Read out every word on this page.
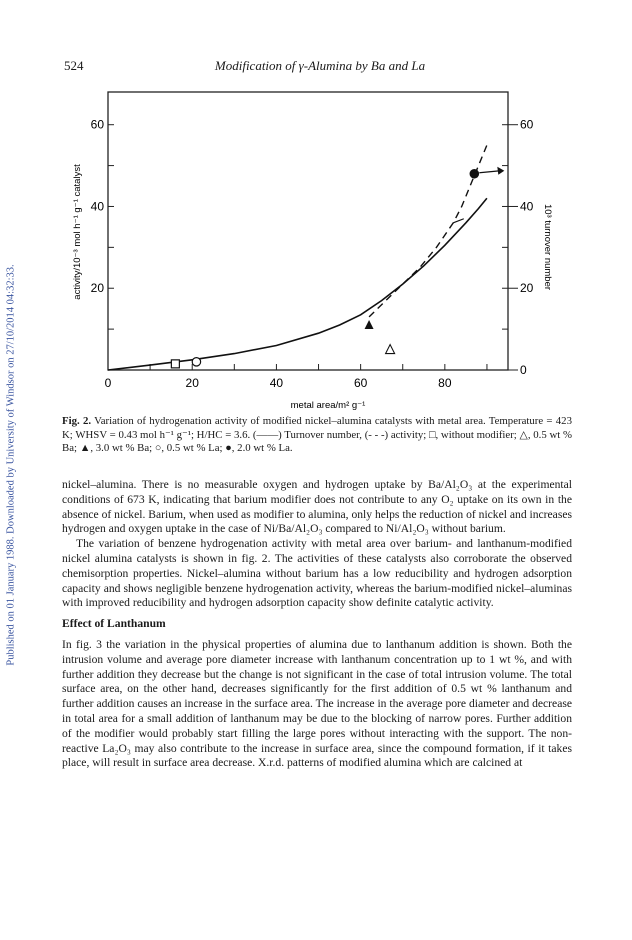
Published on 01 January 1988. Downloaded by University of Windsor on 27/10/2014 04:32:33.
524	Modification of γ-Alumina by Ba and La
0	20	40	60	80
20
40
60
0
20
40
60
metal area/m² g⁻¹
activity/10⁻³ mol h⁻¹ g⁻¹ catalyst	10³ turnover number
Fig. 2. Variation of hydrogenation activity of modified nickel–alumina catalysts with metal area. Temperature = 423 K; WHSV = 0.43 mol h⁻¹ g⁻¹; H/HC = 3.6. (——) Turnover number, (- - -) activity; □, without modifier; △, 0.5 wt % Ba; ▲, 3.0 wt % Ba; ○, 0.5 wt % La; ●, 2.0 wt % La.

nickel–alumina. There is no measurable oxygen and hydrogen uptake by Ba/Al₂O₃ at the experimental conditions of 673 K, indicating that barium modifier does not contribute to any O₂ uptake on its own in the absence of nickel. Barium, when used as modifier to alumina, only helps the reduction of nickel and increases hydrogen and oxygen uptake in the case of Ni/Ba/Al₂O₃ compared to Ni/Al₂O₃ without barium.

The variation of benzene hydrogenation activity with metal area over barium- and lanthanum-modified nickel alumina catalysts is shown in fig. 2. The activities of these catalysts also corroborate the observed chemisorption properties. Nickel–alumina without barium has a low reducibility and hydrogen adsorption capacity and shows negligible benzene hydrogenation activity, whereas the barium-modified nickel–aluminas with improved reducibility and hydrogen adsorption capacity show definite catalytic activity.

Effect of Lanthanum

In fig. 3 the variation in the physical properties of alumina due to lanthanum addition is shown. Both the intrusion volume and average pore diameter increase with lanthanum concentration up to 1 wt %, and with further addition they decrease but the change is not significant in the case of total intrusion volume. The total surface area, on the other hand, decreases significantly for the first addition of 0.5 wt % lanthanum and further addition causes an increase in the surface area. The increase in the average pore diameter and decrease in total area for a small addition of lanthanum may be due to the blocking of narrow pores. Further addition of the modifier would probably start filling the large pores without interacting with the support. The non-reactive La₂O₃ may also contribute to the increase in surface area, since the compound formation, if it takes place, will result in surface area decrease. X.r.d. patterns of modified alumina which are calcined at
